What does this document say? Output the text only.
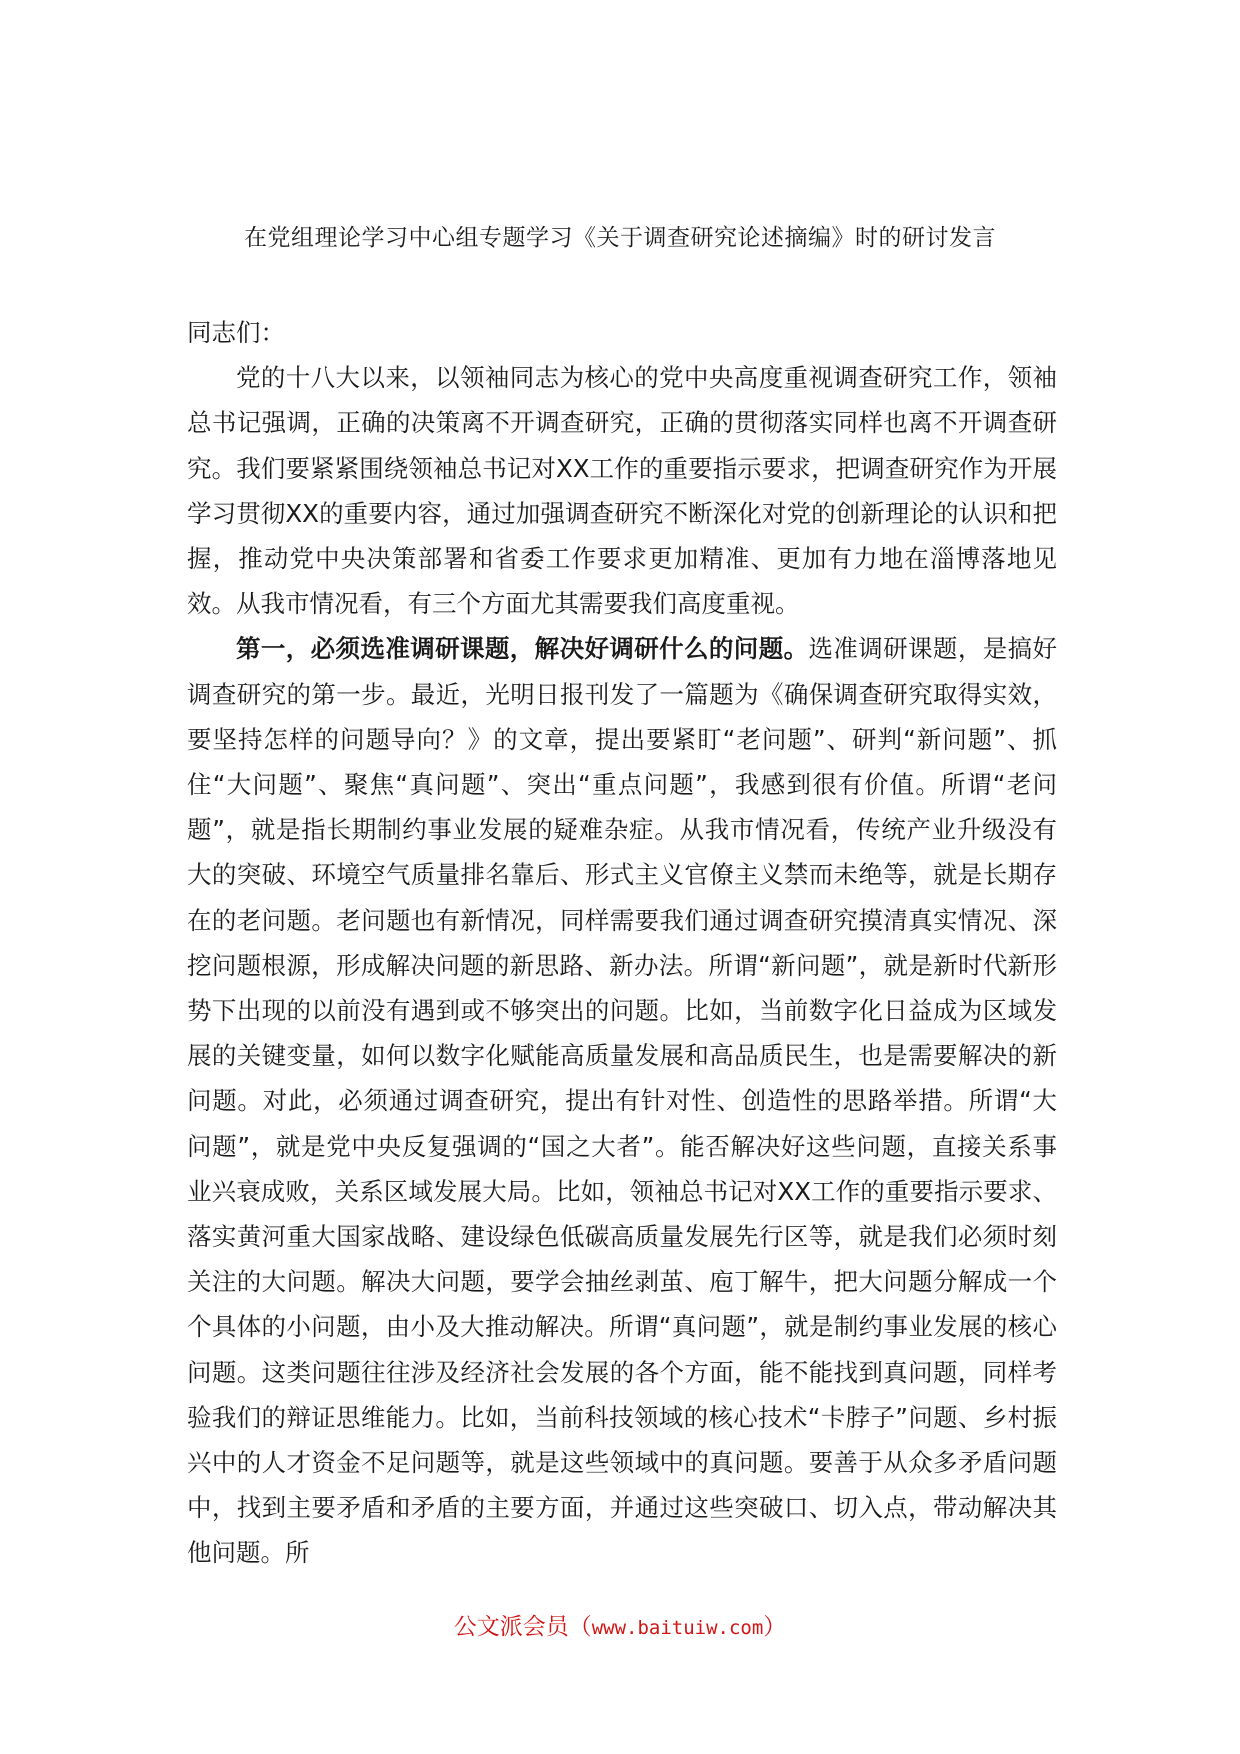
在党组理论学习中心组专题学习《关于调查研究论述摘编》时的研讨发言

同志们：

党的十八大以来，以领袖同志为核心的党中央高度重视调查研究工作，领袖总书记强调，正确的决策离不开调查研究，正确的贯彻落实同样也离不开调查研究。我们要紧紧围绕领袖总书记对XX工作的重要指示要求，把调查研究作为开展学习贯彻XX的重要内容，通过加强调查研究不断深化对党的创新理论的认识和把握，推动党中央决策部署和省委工作要求更加精准、更加有力地在淄博落地见效。从我市情况看，有三个方面尤其需要我们高度重视。

第一，必须选准调研课题，解决好调研什么的问题。选准调研课题，是搞好调查研究的第一步。最近，光明日报刊发了一篇题为《确保调查研究取得实效，要坚持怎样的问题导向？》的文章，提出要紧盯“老问题”、研判“新问题”、抓住“大问题”、聚焦“真问题”、突出“重点问题”，我感到很有价值。所谓“老问题”，就是指长期制约事业发展的疑难杂症。从我市情况看，传统产业升级没有大的突破、环境空气质量排名靠后、形式主义官僚主义禁而未绝等，就是长期存在的老问题。老问题也有新情况，同样需要我们通过调查研究摸清真实情况、深挖问题根源，形成解决问题的新思路、新办法。所谓“新问题”，就是新时代新形势下出现的以前没有遇到或不够突出的问题。比如，当前数字化日益成为区域发展的关键变量，如何以数字化赋能高质量发展和高品质民生，也是需要解决的新问题。对此，必须通过调查研究，提出有针对性、创造性的思路举措。所谓“大问题”，就是党中央反复强调的“国之大者”。能否解决好这些问题，直接关系事业兴衰成败，关系区域发展大局。比如，领袖总书记对XX工作的重要指示要求、落实黄河重大国家战略、建设绿色低碳高质量发展先行区等，就是我们必须时刻关注的大问题。解决大问题，要学会抽丝剥茧、庖丁解牛，把大问题分解成一个个具体的小问题，由小及大推动解决。所谓“真问题”，就是制约事业发展的核心问题。这类问题往往涉及经济社会发展的各个方面，能不能找到真问题，同样考验我们的辩证思维能力。比如，当前科技领域的核心技术“卡脖子”问题、乡村振兴中的人才资金不足问题等，就是这些领域中的真问题。要善于从众多矛盾问题中，找到主要矛盾和矛盾的主要方面，并通过这些突破口、切入点，带动解决其他问题。所

公文派会员（www.baituiw.com）
